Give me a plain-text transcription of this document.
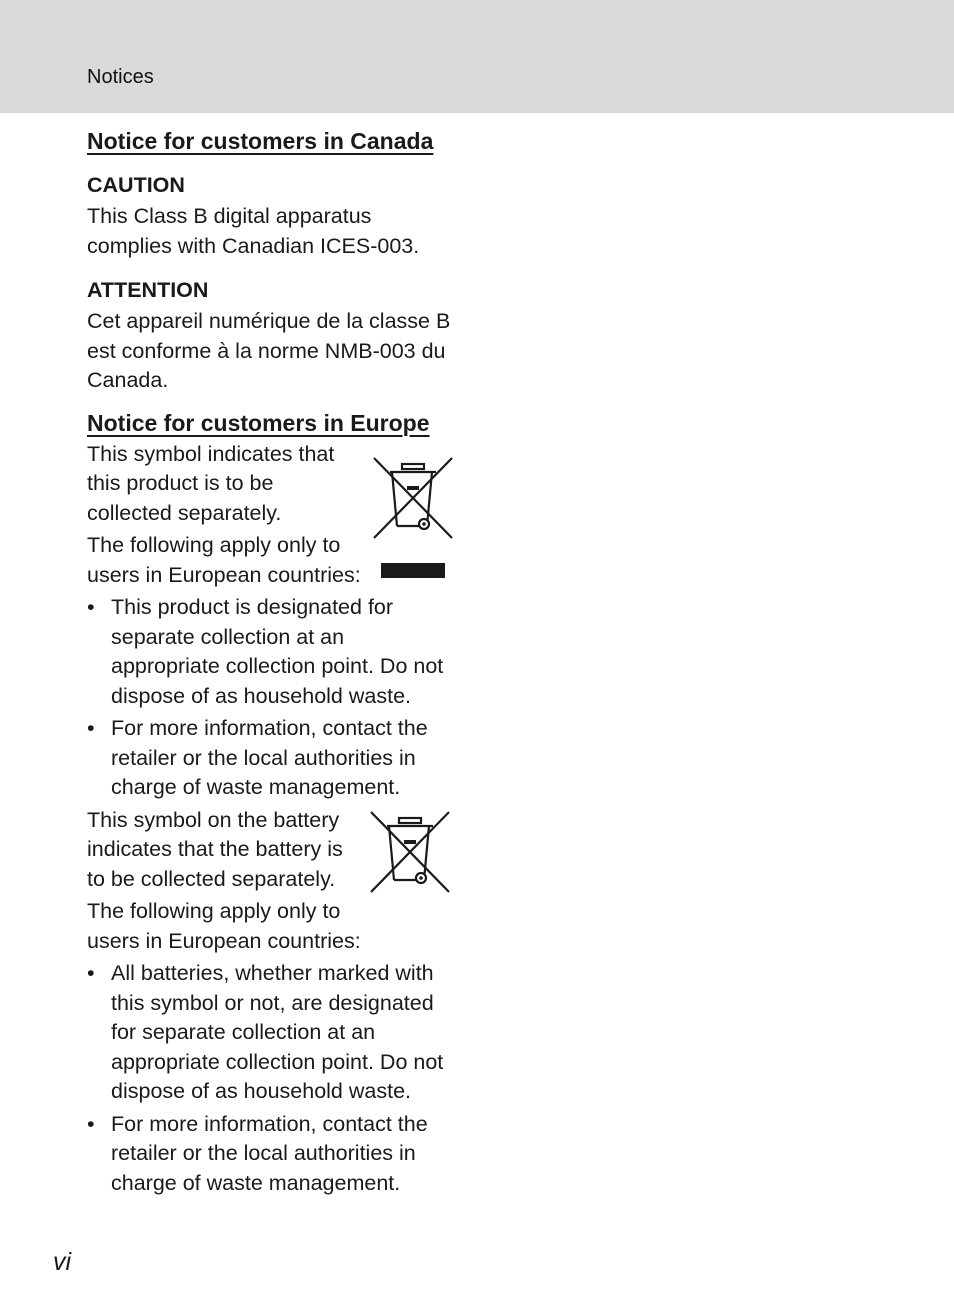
Notices
Notice for customers in Canada
CAUTION

This Class B digital apparatus complies with Canadian ICES-003.

ATTENTION

Cet appareil numérique de la classe B est conforme à la norme NMB-003 du Canada.

Notice for customers in Europe

This symbol indicates that this product is to be collected separately.

The following apply only to users in European countries:

• This product is designated for separate collection at an appropriate collection point. Do not dispose of as household waste.
• For more information, contact the retailer or the local authorities in charge of waste management.

This symbol on the battery indicates that the battery is to be collected separately.

The following apply only to users in European countries:

• All batteries, whether marked with this symbol or not, are designated for separate collection at an appropriate collection point. Do not dispose of as household waste.
• For more information, contact the retailer or the local authorities in charge of waste management.
vi
